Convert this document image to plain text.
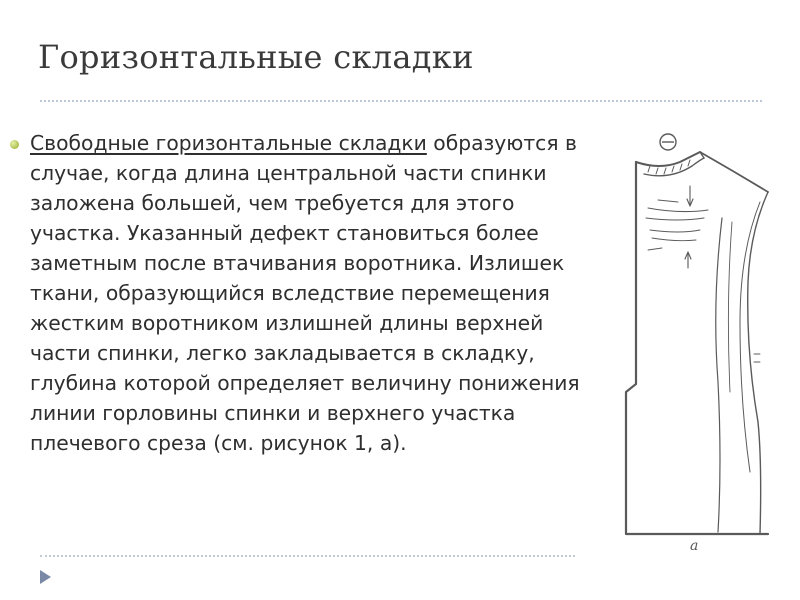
Горизонтальные складки
Свободные горизонтальные складки образуются в случае, когда длина центральной части спинки заложена большей, чем требуется для этого участка. Указанный дефект становиться более заметным после втачивания воротника. Излишек ткани, образующийся вследствие перемещения жестким воротником излишней длины верхней части спинки, легко закладывается в складку, глубина которой определяет величину понижения линии горловины спинки и верхнего участка плечевого среза (см. рисунок 1, а).
а
